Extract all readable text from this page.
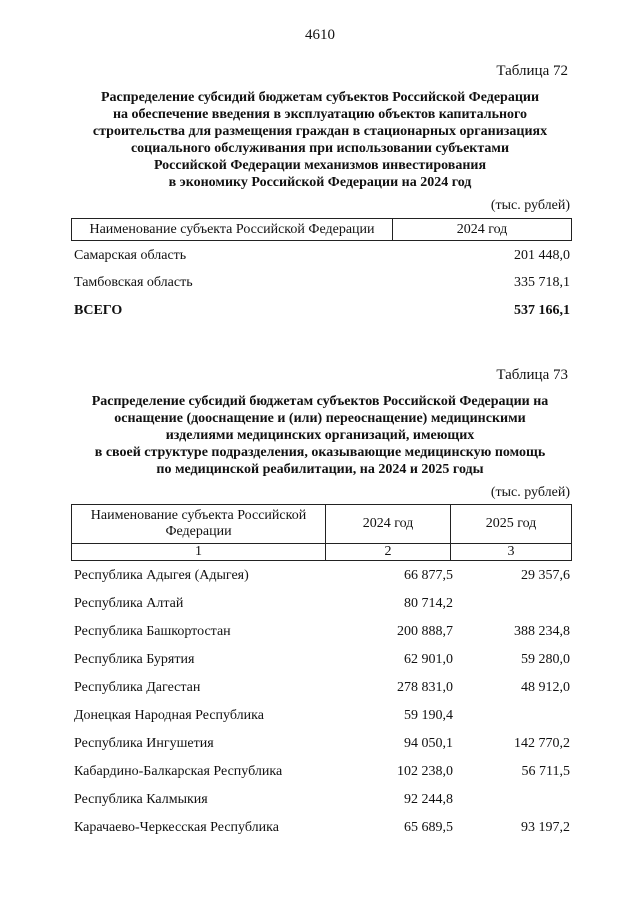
4610
Таблица 72
Распределение субсидий бюджетам субъектов Российской Федерации
на обеспечение введения в эксплуатацию объектов капитального
строительства для размещения граждан в стационарных организациях
социального обслуживания при использовании субъектами
Российской Федерации механизмов инвестирования
в экономику Российской Федерации на 2024 год
(тыс. рублей)
Наименование субъекта Российской Федерации	2024 год
Самарская область	201 448,0
Тамбовская область	335 718,1
ВСЕГО	537 166,1
Таблица 73
Распределение субсидий бюджетам субъектов Российской Федерации на
оснащение (дооснащение и (или) переоснащение) медицинскими
изделиями медицинских организаций, имеющих
в своей структуре подразделения, оказывающие медицинскую помощь
по медицинской реабилитации, на 2024 и 2025 годы
(тыс. рублей)
Наименование субъекта Российской Федерации	2024 год	2025 год
1	2	3
Республика Адыгея (Адыгея)	66 877,5	29 357,6
Республика Алтай	80 714,2
Республика Башкортостан	200 888,7	388 234,8
Республика Бурятия	62 901,0	59 280,0
Республика Дагестан	278 831,0	48 912,0
Донецкая Народная Республика	59 190,4
Республика Ингушетия	94 050,1	142 770,2
Кабардино-Балкарская Республика	102 238,0	56 711,5
Республика Калмыкия	92 244,8
Карачаево-Черкесская Республика	65 689,5	93 197,2
